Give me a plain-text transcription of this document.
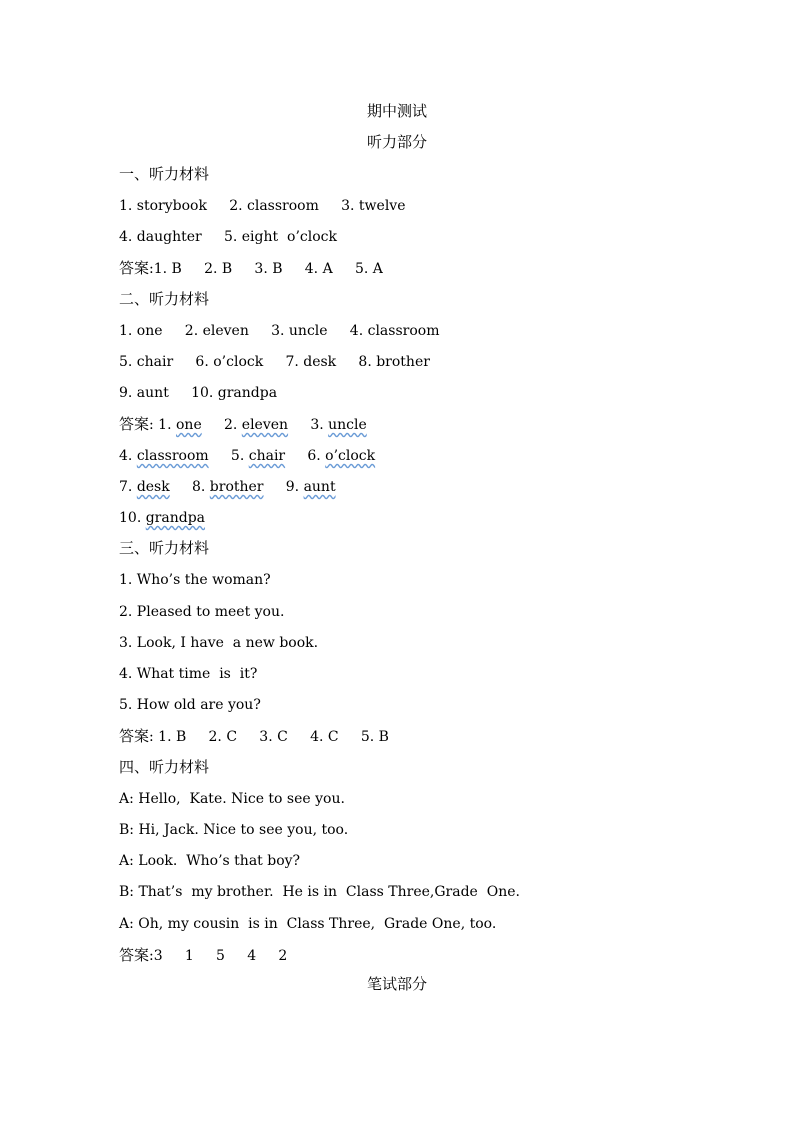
期中测试
听力部分
一、听力材料
1. storybook     2. classroom     3. twelve
4. daughter     5. eight  o’clock
答案:1. B     2. B     3. B     4. A     5. A
二、听力材料
1. one     2. eleven     3. uncle     4. classroom
5. chair     6. o’clock     7. desk     8. brother
9. aunt     10. grandpa
答案: 1. one     2. eleven     3. uncle
4. classroom     5. chair     6. o’clock
7. desk     8. brother     9. aunt
10. grandpa
三、听力材料
1. Who’s the woman?
2. Pleased to meet you.
3. Look, I have  a new book.
4. What time  is  it?
5. How old are you?
答案: 1. B     2. C     3. C     4. C     5. B
四、听力材料
A: Hello,  Kate. Nice to see you.
B: Hi, Jack. Nice to see you, too.
A: Look.  Who’s that boy?
B: That’s  my brother.  He is in  Class Three,Grade  One.
A: Oh, my cousin  is in  Class Three,  Grade One, too.
答案:3     1     5     4     2
笔试部分
